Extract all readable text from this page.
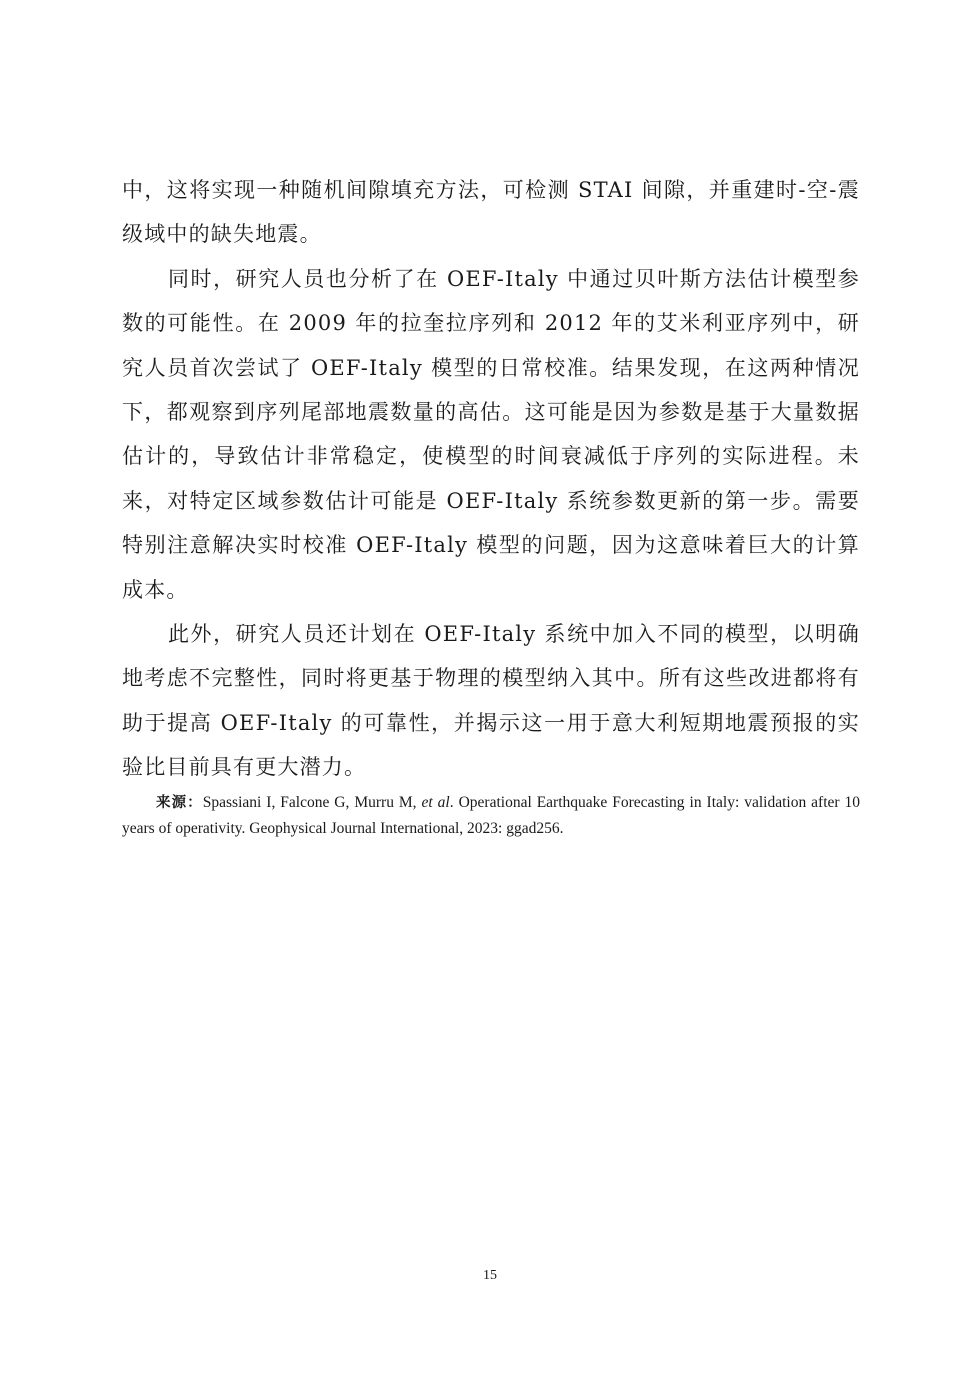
中，这将实现一种随机间隙填充方法，可检测 STAI 间隙，并重建时-空-震级域中的缺失地震。

同时，研究人员也分析了在 OEF-Italy 中通过贝叶斯方法估计模型参数的可能性。在 2009 年的拉奎拉序列和 2012 年的艾米利亚序列中，研究人员首次尝试了 OEF-Italy 模型的日常校准。结果发现，在这两种情况下，都观察到序列尾部地震数量的高估。这可能是因为参数是基于大量数据估计的，导致估计非常稳定，使模型的时间衰减低于序列的实际进程。未来，对特定区域参数估计可能是 OEF-Italy 系统参数更新的第一步。需要特别注意解决实时校准 OEF-Italy 模型的问题，因为这意味着巨大的计算成本。

此外，研究人员还计划在 OEF-Italy 系统中加入不同的模型，以明确地考虑不完整性，同时将更基于物理的模型纳入其中。所有这些改进都将有助于提高 OEF-Italy 的可靠性，并揭示这一用于意大利短期地震预报的实验比目前具有更大潜力。

来源：Spassiani I, Falcone G, Murru M, et al. Operational Earthquake Forecasting in Italy: validation after 10 years of operativity. Geophysical Journal International, 2023: ggad256.

15
